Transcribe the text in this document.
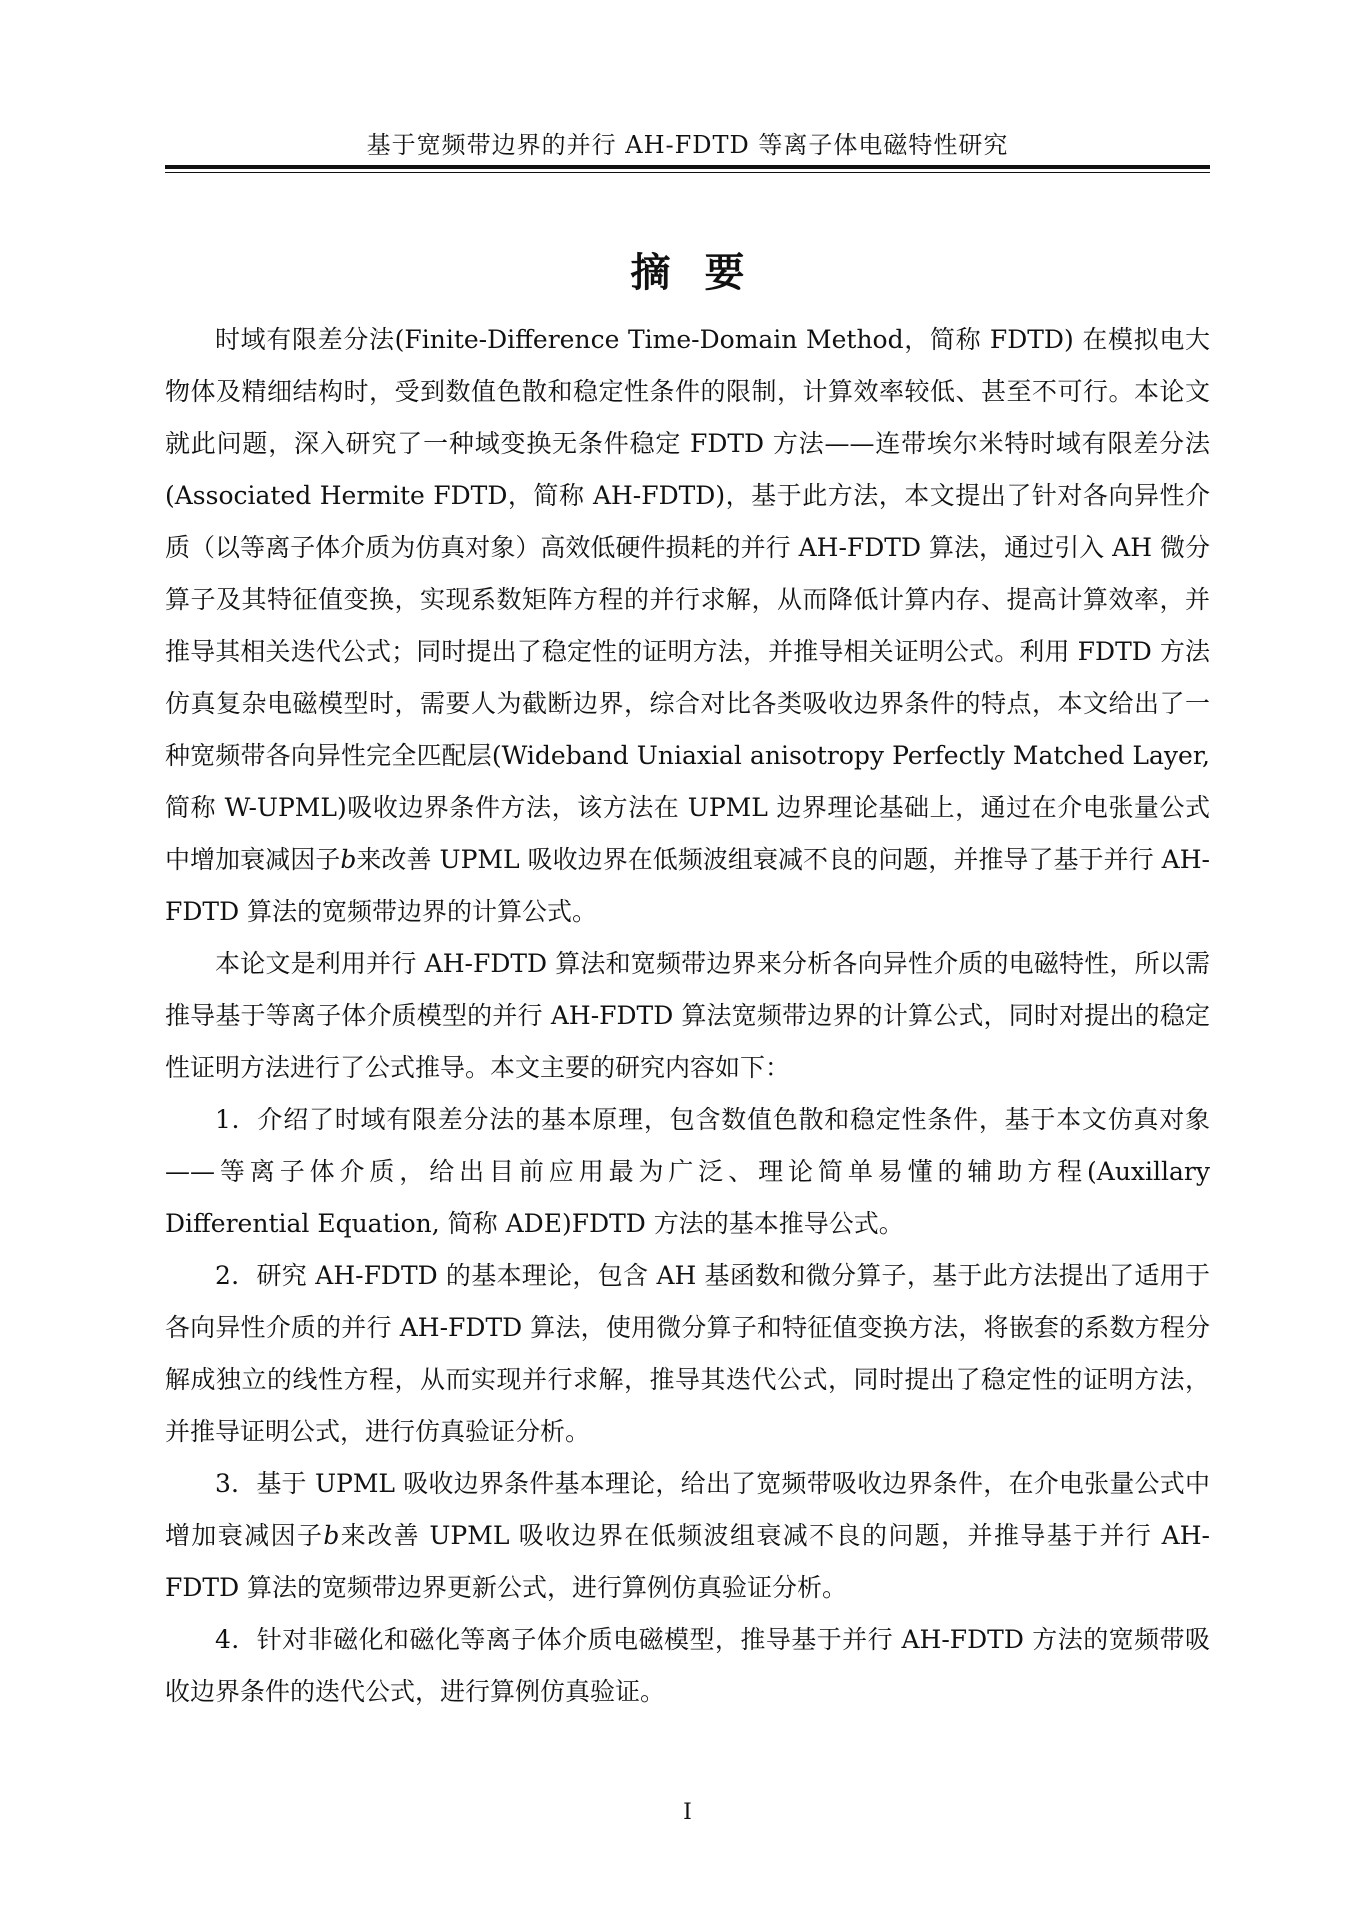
基于宽频带边界的并行 AH-FDTD 等离子体电磁特性研究
摘要

时域有限差分法(Finite-Difference Time-Domain Method，简称 FDTD) 在模拟电大物体及精细结构时，受到数值色散和稳定性条件的限制，计算效率较低、甚至不可行。本论文就此问题，深入研究了一种域变换无条件稳定 FDTD 方法——连带埃尔米特时域有限差分法(Associated Hermite FDTD，简称 AH-FDTD)，基于此方法，本文提出了针对各向异性介质（以等离子体介质为仿真对象）高效低硬件损耗的并行 AH-FDTD 算法，通过引入 AH 微分算子及其特征值变换，实现系数矩阵方程的并行求解，从而降低计算内存、提高计算效率，并推导其相关迭代公式；同时提出了稳定性的证明方法，并推导相关证明公式。利用 FDTD 方法仿真复杂电磁模型时，需要人为截断边界，综合对比各类吸收边界条件的特点，本文给出了一种宽频带各向异性完全匹配层(Wideband Uniaxial anisotropy Perfectly Matched Layer, 简称 W-UPML)吸收边界条件方法，该方法在 UPML 边界理论基础上，通过在介电张量公式中增加衰减因子b来改善 UPML 吸收边界在低频波组衰减不良的问题，并推导了基于并行 AH-FDTD 算法的宽频带边界的计算公式。

本论文是利用并行 AH-FDTD 算法和宽频带边界来分析各向异性介质的电磁特性，所以需推导基于等离子体介质模型的并行 AH-FDTD 算法宽频带边界的计算公式，同时对提出的稳定性证明方法进行了公式推导。本文主要的研究内容如下：

1．介绍了时域有限差分法的基本原理，包含数值色散和稳定性条件，基于本文仿真对象——等离子体介质，给出目前应用最为广泛、理论简单易懂的辅助方程(Auxillary Differential Equation, 简称 ADE)FDTD 方法的基本推导公式。

2．研究 AH-FDTD 的基本理论，包含 AH 基函数和微分算子，基于此方法提出了适用于各向异性介质的并行 AH-FDTD 算法，使用微分算子和特征值变换方法，将嵌套的系数方程分解成独立的线性方程，从而实现并行求解，推导其迭代公式，同时提出了稳定性的证明方法，并推导证明公式，进行仿真验证分析。

3．基于 UPML 吸收边界条件基本理论，给出了宽频带吸收边界条件，在介电张量公式中增加衰减因子b来改善 UPML 吸收边界在低频波组衰减不良的问题，并推导基于并行 AH-FDTD 算法的宽频带边界更新公式，进行算例仿真验证分析。

4．针对非磁化和磁化等离子体介质电磁模型，推导基于并行 AH-FDTD 方法的宽频带吸收边界条件的迭代公式，进行算例仿真验证。

I
